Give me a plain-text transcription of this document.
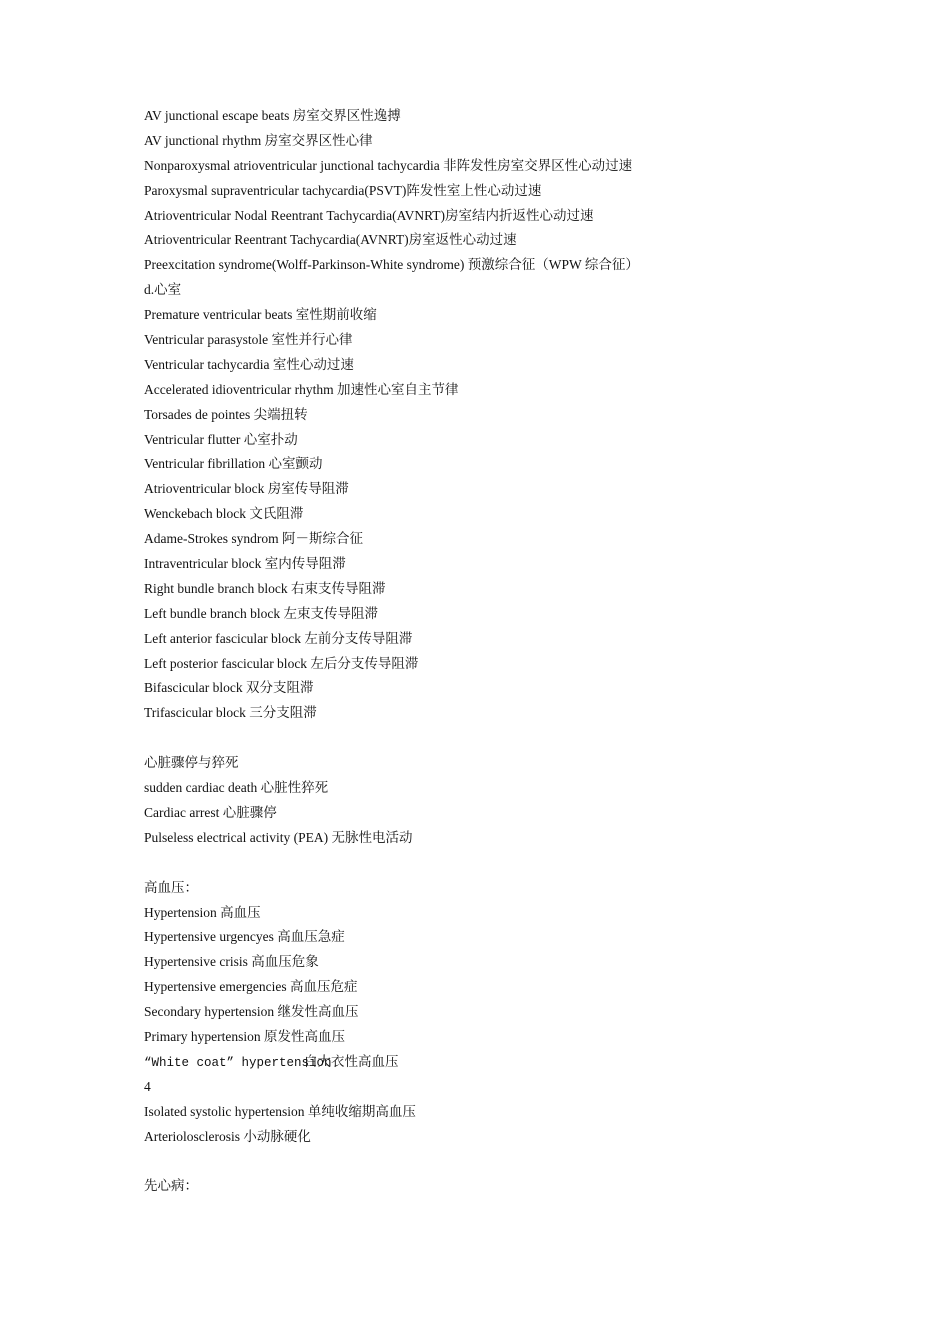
AV junctional escape beats 房室交界区性逸搏
AV junctional rhythm 房室交界区性心律
Nonparoxysmal atrioventricular junctional tachycardia 非阵发性房室交界区性心动过速
Paroxysmal supraventricular tachycardia(PSVT)阵发性室上性心动过速
Atrioventricular Nodal Reentrant Tachycardia(AVNRT)房室结内折返性心动过速
Atrioventricular Reentrant Tachycardia(AVNRT)房室返性心动过速
Preexcitation syndrome(Wolff-Parkinson-White syndrome) 预激综合征（WPW 综合征）
d.心室
Premature ventricular beats 室性期前收缩
Ventricular parasystole 室性并行心律
Ventricular tachycardia 室性心动过速
Accelerated idioventricular rhythm 加速性心室自主节律
Torsades de pointes 尖端扭转
Ventricular flutter 心室扑动
Ventricular fibrillation 心室颤动
Atrioventricular block 房室传导阻滞
Wenckebach block 文氏阻滞
Adame-Strokes syndrom 阿－斯综合征
Intraventricular block 室内传导阻滞
Right bundle branch block 右束支传导阻滞
Left bundle branch block 左束支传导阻滞
Left anterior fascicular block 左前分支传导阻滞
Left posterior fascicular block 左后分支传导阻滞
Bifascicular block 双分支阻滞
Trifascicular block 三分支阻滞
心脏骤停与猝死
sudden cardiac death 心脏性猝死
Cardiac arrest 心脏骤停
Pulseless electrical activity (PEA) 无脉性电活动
高血压：
Hypertension 高血压
Hypertensive urgencyes 高血压急症
Hypertensive crisis 高血压危象
Hypertensive emergencies 高血压危症
Secondary hypertension 继发性高血压
Primary hypertension 原发性高血压
“White coat” hypertension
白大衣性高血压
4
Isolated systolic hypertension 单纯收缩期高血压
Arteriolosclerosis 小动脉硬化
先心病：
